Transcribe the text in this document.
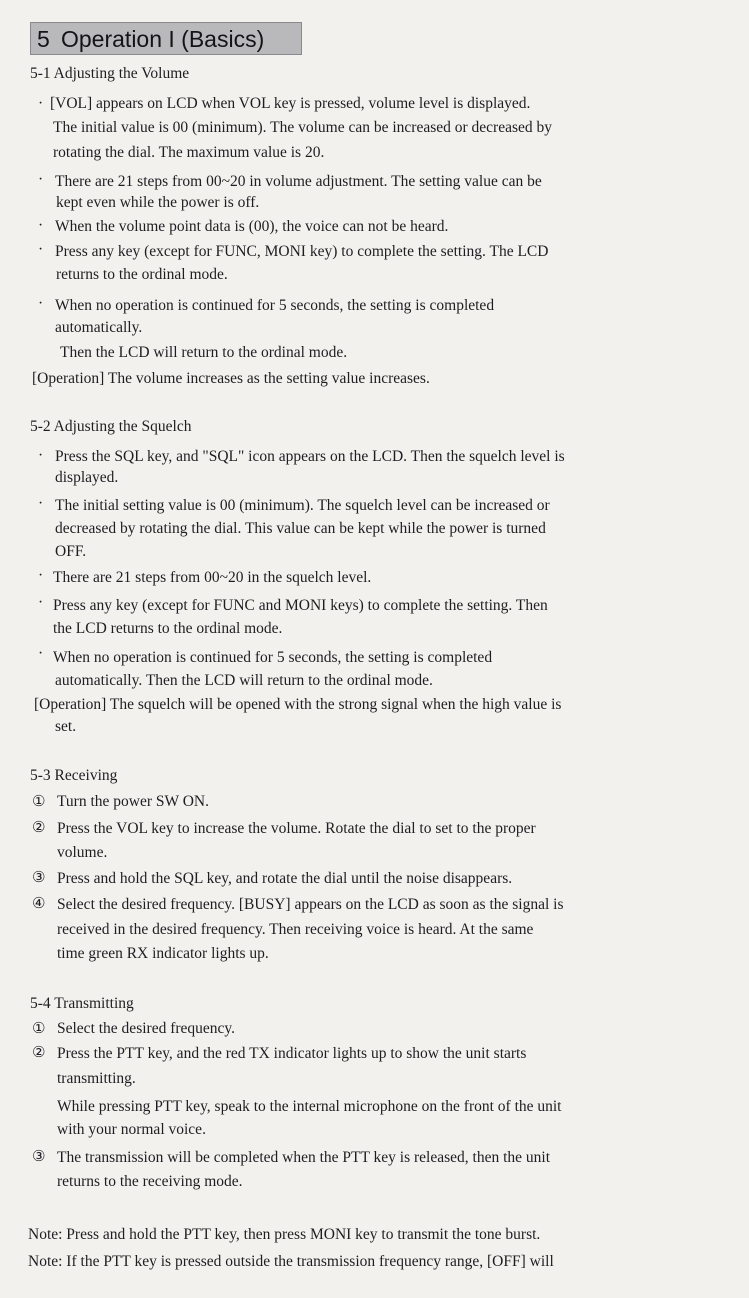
5 Operation I (Basics)
5-1 Adjusting the Volume
· [VOL] appears on LCD when VOL key is pressed, volume level is displayed.
The initial value is 00 (minimum). The volume can be increased or decreased by
rotating the dial. The maximum value is 20.
· There are 21 steps from 00~20 in volume adjustment. The setting value can be
kept even while the power is off.
· When the volume point data is (00), the voice can not be heard.
· Press any key (except for FUNC, MONI key) to complete the setting. The LCD
returns to the ordinal mode.
· When no operation is continued for 5 seconds, the setting is completed
automatically.
Then the LCD will return to the ordinal mode.
[Operation] The volume increases as the setting value increases.
5-2 Adjusting the Squelch
· Press the SQL key, and "SQL" icon appears on the LCD. Then the squelch level is
displayed.
· The initial setting value is 00 (minimum). The squelch level can be increased or
decreased by rotating the dial. This value can be kept while the power is turned
OFF.
· There are 21 steps from 00~20 in the squelch level.
· Press any key (except for FUNC and MONI keys) to complete the setting. Then
the LCD returns to the ordinal mode.
· When no operation is continued for 5 seconds, the setting is completed
automatically. Then the LCD will return to the ordinal mode.
[Operation] The squelch will be opened with the strong signal when the high value is
set.
5-3 Receiving
① Turn the power SW ON.
② Press the VOL key to increase the volume. Rotate the dial to set to the proper
volume.
③ Press and hold the SQL key, and rotate the dial until the noise disappears.
④ Select the desired frequency. [BUSY] appears on the LCD as soon as the signal is
received in the desired frequency. Then receiving voice is heard. At the same
time green RX indicator lights up.
5-4 Transmitting
① Select the desired frequency.
② Press the PTT key, and the red TX indicator lights up to show the unit starts
transmitting.
While pressing PTT key, speak to the internal microphone on the front of the unit
with your normal voice.
③ The transmission will be completed when the PTT key is released, then the unit
returns to the receiving mode.
Note: Press and hold the PTT key, then press MONI key to transmit the tone burst.
Note: If the PTT key is pressed outside the transmission frequency range, [OFF] will
